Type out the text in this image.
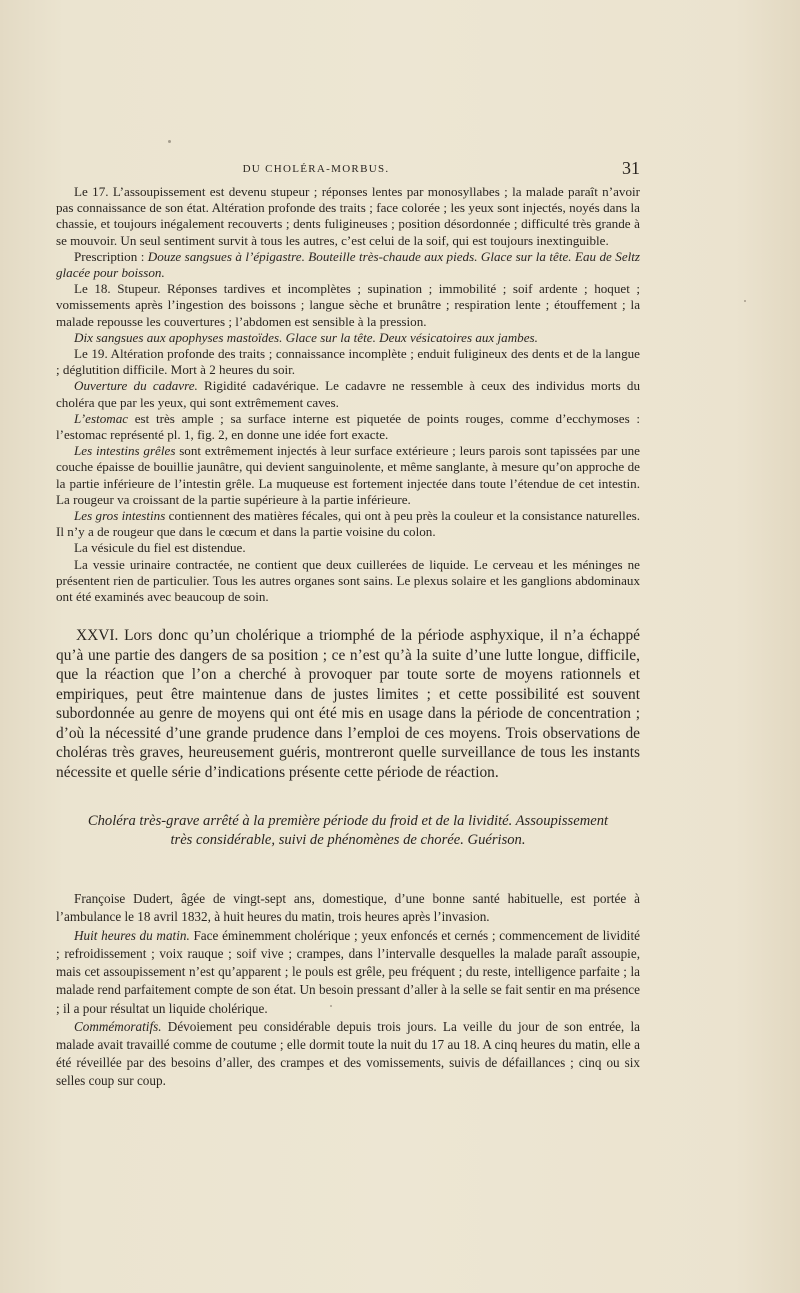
DU CHOLÉRA-MORBUS.	31

Le 17. L’assoupissement est devenu stupeur ; réponses lentes par monosyllabes ; la malade paraît n’avoir pas connaissance de son état. Altération profonde des traits ; face colorée ; les yeux sont injectés, noyés dans la chassie, et toujours inégalement recouverts ; dents fuligineuses ; position désordonnée ; difficulté très grande à se mouvoir. Un seul sentiment survit à tous les autres, c’est celui de la soif, qui est toujours inextinguible.

Prescription : Douze sangsues à l’épigastre. Bouteille très-chaude aux pieds. Glace sur la tête. Eau de Seltz glacée pour boisson.

Le 18. Stupeur. Réponses tardives et incomplètes ; supination ; immobilité ; soif ardente ; hoquet ; vomissements après l’ingestion des boissons ; langue sèche et brunâtre ; respiration lente ; étouffement ; la malade repousse les couvertures ; l’abdomen est sensible à la pression.

Dix sangsues aux apophyses mastoïdes. Glace sur la tête. Deux vésicatoires aux jambes.

Le 19. Altération profonde des traits ; connaissance incomplète ; enduit fuligineux des dents et de la langue ; déglutition difficile. Mort à 2 heures du soir.

Ouverture du cadavre. Rigidité cadavérique. Le cadavre ne ressemble à ceux des individus morts du choléra que par les yeux, qui sont extrêmement caves.

L’estomac est très ample ; sa surface interne est piquetée de points rouges, comme d’ecchymoses : l’estomac représenté pl. 1, fig. 2, en donne une idée fort exacte.

Les intestins grêles sont extrêmement injectés à leur surface extérieure ; leurs parois sont tapissées par une couche épaisse de bouillie jaunâtre, qui devient sanguinolente, et même sanglante, à mesure qu’on approche de la partie inférieure de l’intestin grêle. La muqueuse est fortement injectée dans toute l’étendue de cet intestin. La rougeur va croissant de la partie supérieure à la partie inférieure.

Les gros intestins contiennent des matières fécales, qui ont à peu près la couleur et la consistance naturelles. Il n’y a de rougeur que dans le cœcum et dans la partie voisine du colon.

La vésicule du fiel est distendue.

La vessie urinaire contractée, ne contient que deux cuillerées de liquide. Le cerveau et les méninges ne présentent rien de particulier. Tous les autres organes sont sains. Le plexus solaire et les ganglions abdominaux ont été examinés avec beaucoup de soin.

XXVI. Lors donc qu’un cholérique a triomphé de la période asphyxique, il n’a échappé qu’à une partie des dangers de sa position ; ce n’est qu’à la suite d’une lutte longue, difficile, que la réaction que l’on a cherché à provoquer par toute sorte de moyens rationnels et empiriques, peut être maintenue dans de justes limites ; et cette possibilité est souvent subordonnée au genre de moyens qui ont été mis en usage dans la période de concentration ; d’où la nécessité d’une grande prudence dans l’emploi de ces moyens. Trois observations de choléras très graves, heureusement guéris, montreront quelle surveillance de tous les instants nécessite et quelle série d’indications présente cette période de réaction.

Choléra très-grave arrêté à la première période du froid et de la lividité. Assoupissement
très considérable, suivi de phénomènes de chorée. Guérison.

Françoise Dudert, âgée de vingt-sept ans, domestique, d’une bonne santé habituelle, est portée à l’ambulance le 18 avril 1832, à huit heures du matin, trois heures après l’invasion.

Huit heures du matin. Face éminemment cholérique ; yeux enfoncés et cernés ; commencement de lividité ; refroidissement ; voix rauque ; soif vive ; crampes, dans l’intervalle desquelles la malade paraît assoupie, mais cet assoupissement n’est qu’apparent ; le pouls est grêle, peu fréquent ; du reste, intelligence parfaite ; la malade rend parfaitement compte de son état. Un besoin pressant d’aller à la selle se fait sentir en ma présence ; il a pour résultat un liquide cholérique.

Commémoratifs. Dévoiement peu considérable depuis trois jours. La veille du jour de son entrée, la malade avait travaillé comme de coutume ; elle dormit toute la nuit du 17 au 18. A cinq heures du matin, elle a été réveillée par des besoins d’aller, des crampes et des vomissements, suivis de défaillances ; cinq ou six selles coup sur coup.
